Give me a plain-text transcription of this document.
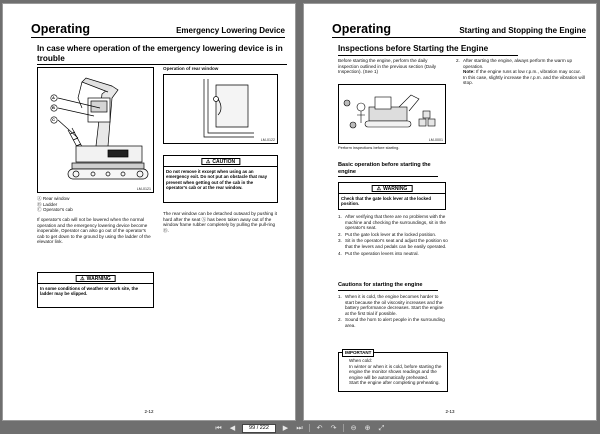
Operating	Emergency Lowering Device
In case where operation of the emergency lowering device is in trouble
A
B
C
LM-0121
Ⓐ Rear window
Ⓑ Ladder
Ⓒ Operator's cab
If operator's cab will not be lowered when the normal operation and the emergency lowering device become inoperable, Operator can also go out of the operator's cab to get down to the ground by using the ladder of the elevator link.
⚠ WARNING
In some conditions of weather or work site, the ladder may be slipped.
Operation of rear window
LM-0122
⚠ CAUTION
Do not remove it except when using as an emergency exit. Do not put an obstacle that may prevent when getting out of the cab in the operator's cab or at the rear window.
The rear window can be detached outward by pushing it hard after the seat Ⓐ has been taken away out of the window frame rubber completely by pulling the pull-ring Ⓑ.
2-12
Operating	Starting and Stopping the Engine
Inspections before Starting the Engine
Before starting the engine, perform the daily inspection outlined in the previous section (Daily Inspection). (See 1)
LM-0001
Perform inspections before starting.
Basic operation before starting the engine
⚠ WARNING
Check that the gate lock lever at the locked position.
1. After verifying that there are no problems with the machine and checking the surroundings, sit in the operator's seat.
2. Put the gate lock lever at the locked position.
3. Sit in the operator's seat and adjust the position so that the levers and pedals can be easily operated.
4. Put the operation levers into neutral.
Cautions for starting the engine
1. When it is cold, the engine becomes harder to start because the oil viscosity increases and the battery performance decreases. Start the engine at the first trial if possible.
2. Sound the horn to alert people in the surrounding area.
IMPORTANT
When cold:
In winter or when it is cold, before starting the engine the monitor shows readings and the engine will be automatically preheated.
Start the engine after completing preheating.
2. After starting the engine, always perform the warm up operation.
Note: If the engine runs at low r.p.m., vibration may occur. In this case, slightly increase the r.p.m. and the vibration will stop.
2-13
⏮ ◀
99 / 222	▶ ⏭ ↶ ↷ ⊖ ⊕ ⤢
